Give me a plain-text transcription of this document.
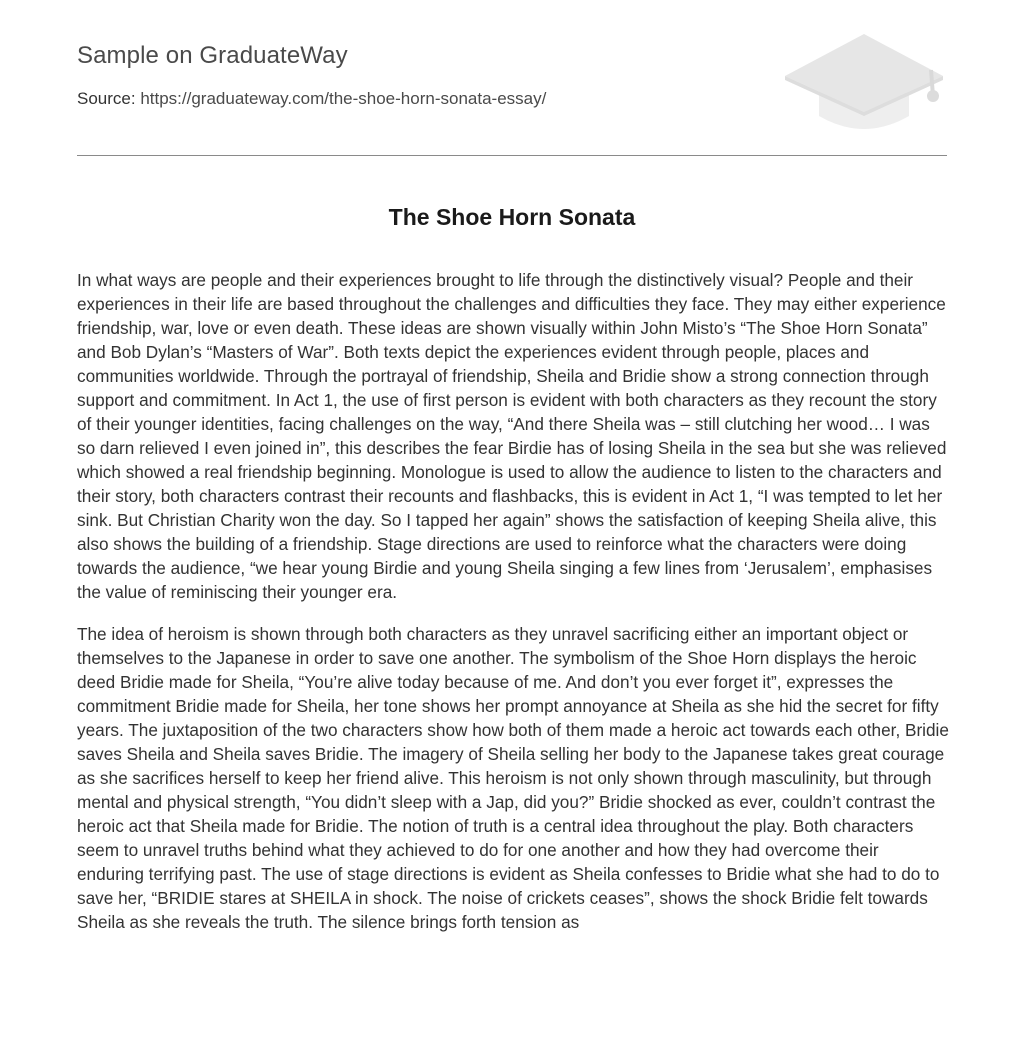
Sample on GraduateWay
Source: https://graduateway.com/the-shoe-horn-sonata-essay/
The Shoe Horn Sonata

In what ways are people and their experiences brought to life through the distinctively visual? People and their experiences in their life are based throughout the challenges and difficulties they face. They may either experience friendship, war, love or even death. These ideas are shown visually within John Misto’s “The Shoe Horn Sonata” and Bob Dylan’s “Masters of War”. Both texts depict the experiences evident through people, places and communities worldwide. Through the portrayal of friendship, Sheila and Bridie show a strong connection through support and commitment. In Act 1, the use of first person is evident with both characters as they recount the story of their younger identities, facing challenges on the way, “And there Sheila was – still clutching her wood… I was so darn relieved I even joined in”, this describes the fear Birdie has of losing Sheila in the sea but she was relieved which showed a real friendship beginning. Monologue is used to allow the audience to listen to the characters and their story, both characters contrast their recounts and flashbacks, this is evident in Act 1, “I was tempted to let her sink. But Christian Charity won the day. So I tapped her again” shows the satisfaction of keeping Sheila alive, this also shows the building of a friendship. Stage directions are used to reinforce what the characters were doing towards the audience, “we hear young Birdie and young Sheila singing a few lines from ‘Jerusalem’, emphasises the value of reminiscing their younger era.

The idea of heroism is shown through both characters as they unravel sacrificing either an important object or themselves to the Japanese in order to save one another. The symbolism of the Shoe Horn displays the heroic deed Bridie made for Sheila, “You’re alive today because of me. And don’t you ever forget it”, expresses the commitment Bridie made for Sheila, her tone shows her prompt annoyance at Sheila as she hid the secret for fifty years. The juxtaposition of the two characters show how both of them made a heroic act towards each other, Bridie saves Sheila and Sheila saves Bridie. The imagery of Sheila selling her body to the Japanese takes great courage as she sacrifices herself to keep her friend alive. This heroism is not only shown through masculinity, but through mental and physical strength, “You didn’t sleep with a Jap, did you?” Bridie shocked as ever, couldn’t contrast the heroic act that Sheila made for Bridie. The notion of truth is a central idea throughout the play. Both characters seem to unravel truths behind what they achieved to do for one another and how they had overcome their enduring terrifying past. The use of stage directions is evident as Sheila confesses to Bridie what she had to do to save her, “BRIDIE stares at SHEILA in shock. The noise of crickets ceases”, shows the shock Bridie felt towards Sheila as she reveals the truth. The silence brings forth tension as
